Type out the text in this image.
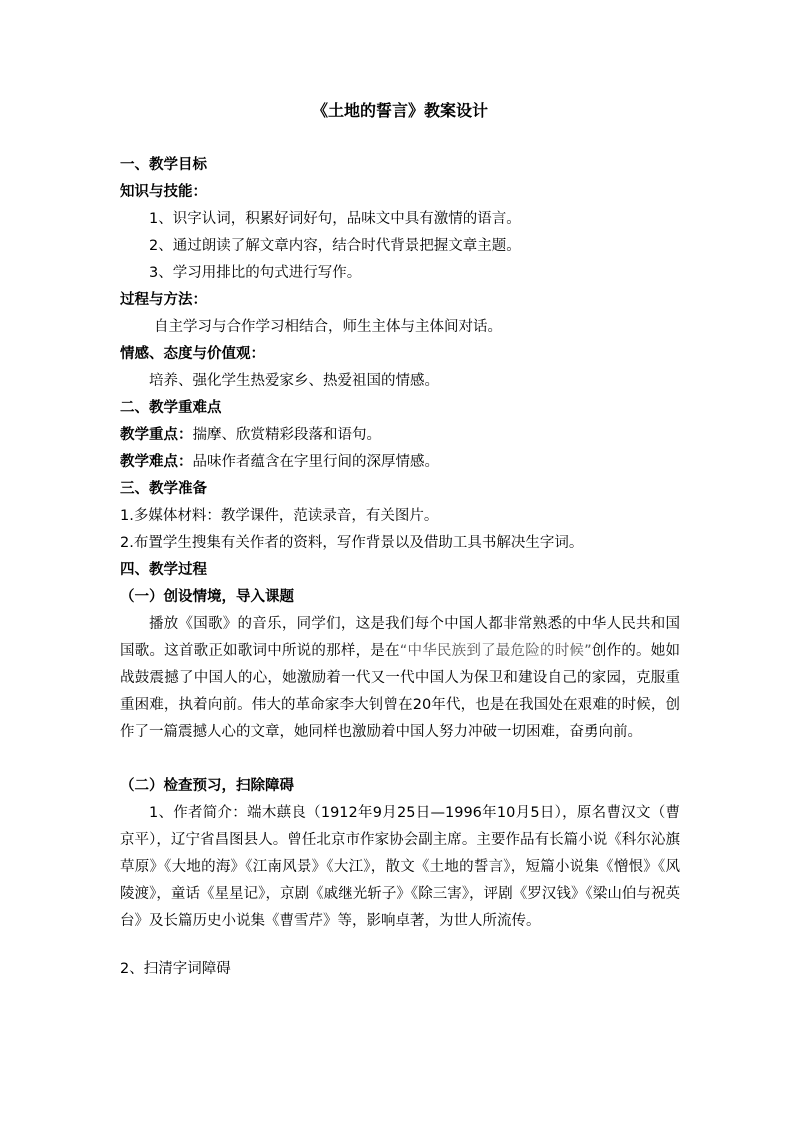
《土地的誓言》教案设计
一、教学目标
知识与技能：
1、识字认词，积累好词好句，品味文中具有激情的语言。
2、通过朗读了解文章内容，结合时代背景把握文章主题。
3、学习用排比的句式进行写作。
过程与方法：
自主学习与合作学习相结合，师生主体与主体间对话。
情感、态度与价值观：
培养、强化学生热爱家乡、热爱祖国的情感。
二、教学重难点
教学重点：揣摩、欣赏精彩段落和语句。
教学难点：品味作者蕴含在字里行间的深厚情感。
三、教学准备
1.多媒体材料：教学课件，范读录音，有关图片。
2.布置学生搜集有关作者的资料，写作背景以及借助工具书解决生字词。
四、教学过程
（一）创设情境，导入课题
播放《国歌》的音乐，同学们，这是我们每个中国人都非常熟悉的中华人民共和国国歌。这首歌正如歌词中所说的那样，是在“中华民族到了最危险的时候”创作的。她如战鼓震撼了中国人的心，她激励着一代又一代中国人为保卫和建设自己的家园，克服重重困难，执着向前。伟大的革命家李大钊曾在20年代，也是在我国处在艰难的时候，创作了一篇震撼人心的文章，她同样也激励着中国人努力冲破一切困难，奋勇向前。
（二）检查预习，扫除障碍
1、作者简介：端木蕻良（1912年9月25日—1996年10月5日），原名曹汉文（曹京平），辽宁省昌图县人。曾任北京市作家协会副主席。主要作品有长篇小说《科尔沁旗草原》《大地的海》《江南风景》《大江》，散文《土地的誓言》，短篇小说集《憎恨》《风陵渡》，童话《星星记》，京剧《戚继光斩子》《除三害》，评剧《罗汉钱》《梁山伯与祝英台》及长篇历史小说集《曹雪芹》等，影响卓著，为世人所流传。
2、扫清字词障碍
